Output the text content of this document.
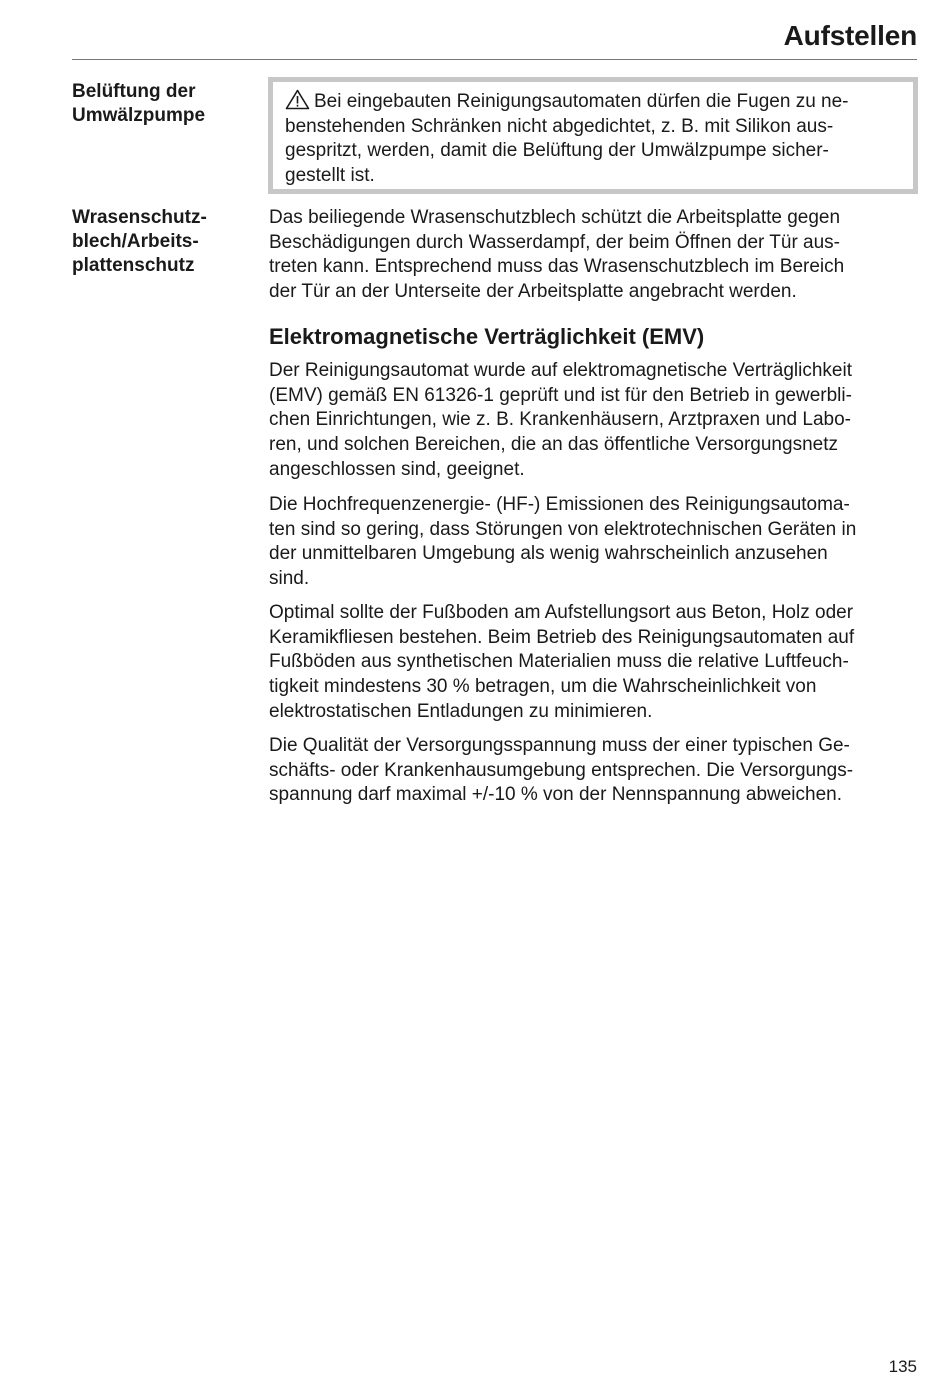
Aufstellen
Belüftung der
Umwälzpumpe
Bei eingebauten Reinigungsautomaten dürfen die Fugen zu ne-
benstehenden Schränken nicht abgedichtet, z. B. mit Silikon aus-
gespritzt, werden, damit die Belüftung der Umwälzpumpe sicher-
gestellt ist.
Wrasenschutz-
blech/Arbeits-
plattenschutz

Das beiliegende Wrasenschutzblech schützt die Arbeitsplatte gegen
Beschädigungen durch Wasserdampf, der beim Öffnen der Tür aus-
treten kann. Entsprechend muss das Wrasenschutzblech im Bereich
der Tür an der Unterseite der Arbeitsplatte angebracht werden.

Elektromagnetische Verträglichkeit (EMV)

Der Reinigungsautomat wurde auf elektromagnetische Verträglichkeit
(EMV) gemäß EN 61326-1 geprüft und ist für den Betrieb in gewerbli-
chen Einrichtungen, wie z. B. Krankenhäusern, Arztpraxen und Labo-
ren, und solchen Bereichen, die an das öffentliche Versorgungsnetz
angeschlossen sind, geeignet.

Die Hochfrequenzenergie- (HF-) Emissionen des Reinigungsautoma-
ten sind so gering, dass Störungen von elektrotechnischen Geräten in
der unmittelbaren Umgebung als wenig wahrscheinlich anzusehen
sind.

Optimal sollte der Fußboden am Aufstellungsort aus Beton, Holz oder
Keramikfliesen bestehen. Beim Betrieb des Reinigungsautomaten auf
Fußböden aus synthetischen Materialien muss die relative Luftfeuch-
tigkeit mindestens 30 % betragen, um die Wahrscheinlichkeit von
elektrostatischen Entladungen zu minimieren.

Die Qualität der Versorgungsspannung muss der einer typischen Ge-
schäfts- oder Krankenhausumgebung entsprechen. Die Versorgungs-
spannung darf maximal +/-10 % von der Nennspannung abweichen.

135
